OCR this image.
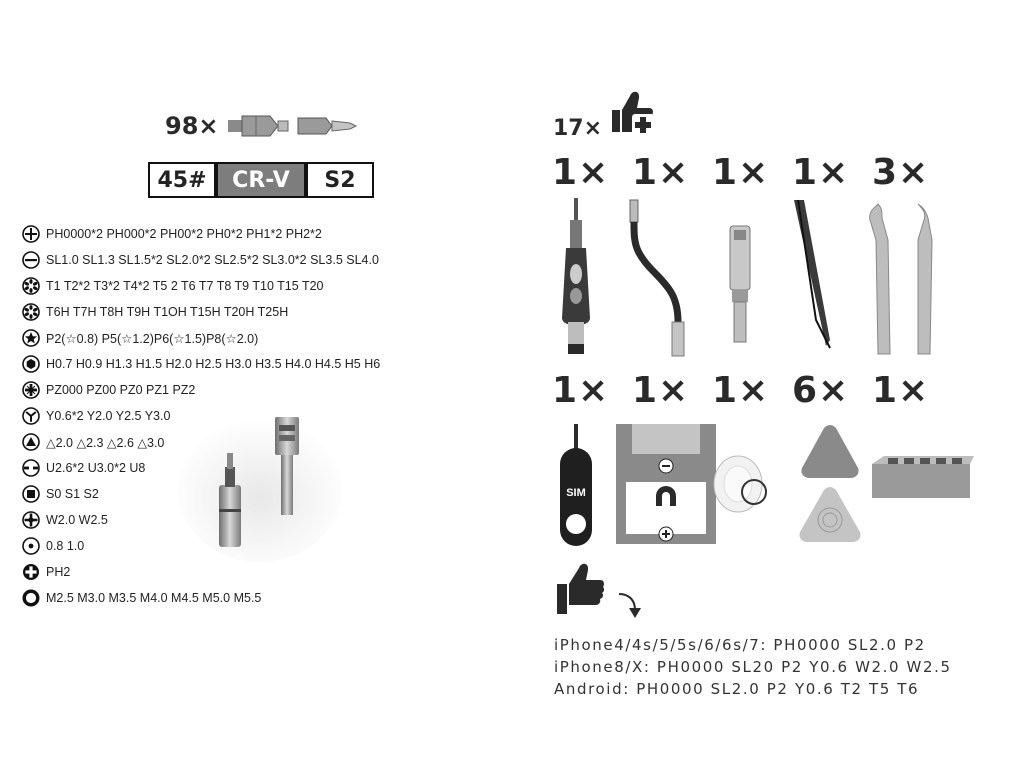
98×
45#	CR-V	S2
PH0000*2 PH000*2 PH00*2 PH0*2 PH1*2 PH2*2
SL1.0 SL1.3 SL1.5*2 SL2.0*2 SL2.5*2 SL3.0*2 SL3.5 SL4.0
T1 T2*2 T3*2 T4*2 T5 2 T6 T7 T8 T9 T10 T15 T20
T6H T7H T8H T9H T1OH T15H T20H T25H
P2(☆0.8) P5(☆1.2)P6(☆1.5)P8(☆2.0)
H0.7 H0.9 H1.3 H1.5 H2.0 H2.5 H3.0 H3.5 H4.0 H4.5 H5 H6
PZ000 PZ00 PZ0 PZ1 PZ2
Y0.6*2 Y2.0 Y2.5 Y3.0
△2.0 △2.3 △2.6 △3.0
U2.6*2 U3.0*2 U8
S0 S1 S2
W2.0 W2.5
0.8 1.0
PH2
M2.5 M3.0 M3.5 M4.0 M4.5 M5.0 M5.5
17×
1× 1× 1× 1× 3×
1× 1× 1× 6× 1×
SIM
iPhone4/4s/5/5s/6/6s/7: PH0000 SL2.0 P2
iPhone8/X: PH0000 SL20 P2 Y0.6 W2.0 W2.5
Android: PH0000 SL2.0 P2 Y0.6 T2 T5 T6
